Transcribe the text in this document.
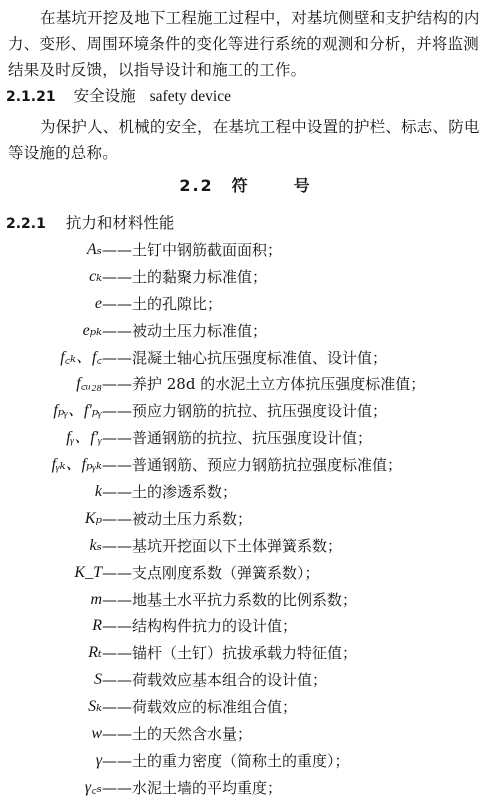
在基坑开挖及地下工程施工过程中，对基坑侧壁和支护结构的内力、变形、周围环境条件的变化等进行系统的观测和分析，并将监测结果及时反馈，以指导设计和施工的工作。

2.1.21 安全设施 safety device

为保护人、机械的安全，在基坑工程中设置的护栏、标志、防电等设施的总称。

2.2 符	号
2.2.1 抗力和材料性能
Aₛ ——土钉中钢筋截面面积；
cₖ ——土的黏聚力标准值；
e ——土的孔隙比；
eₚₖ ——被动土压力标准值；
f꜀ₖ、f꜀ ——混凝土轴心抗压强度标准值、设计值；
f꜀ᵤ₂₈ ——养护 28d 的水泥土立方体抗压强度标准值；
fₚᵧ、f′ₚᵧ ——预应力钢筋的抗拉、抗压强度设计值；
fᵧ、f′ᵧ ——普通钢筋的抗拉、抗压强度设计值；
fᵧₖ、fₚᵧₖ ——普通钢筋、预应力钢筋抗拉强度标准值；
k ——土的渗透系数；
Kₚ ——被动土压力系数；
kₛ ——基坑开挖面以下土体弹簧系数；
K_T ——支点刚度系数（弹簧系数）；
m ——地基土水平抗力系数的比例系数；
R ——结构构件抗力的设计值；
Rₜ ——锚杆（土钉）抗拔承载力特征值；
S ——荷载效应基本组合的设计值；
Sₖ ——荷载效应的标准组合值；
w ——土的天然含水量；
γ ——土的重力密度（简称土的重度）；
γ꜀ₛ ——水泥土墙的平均重度；
